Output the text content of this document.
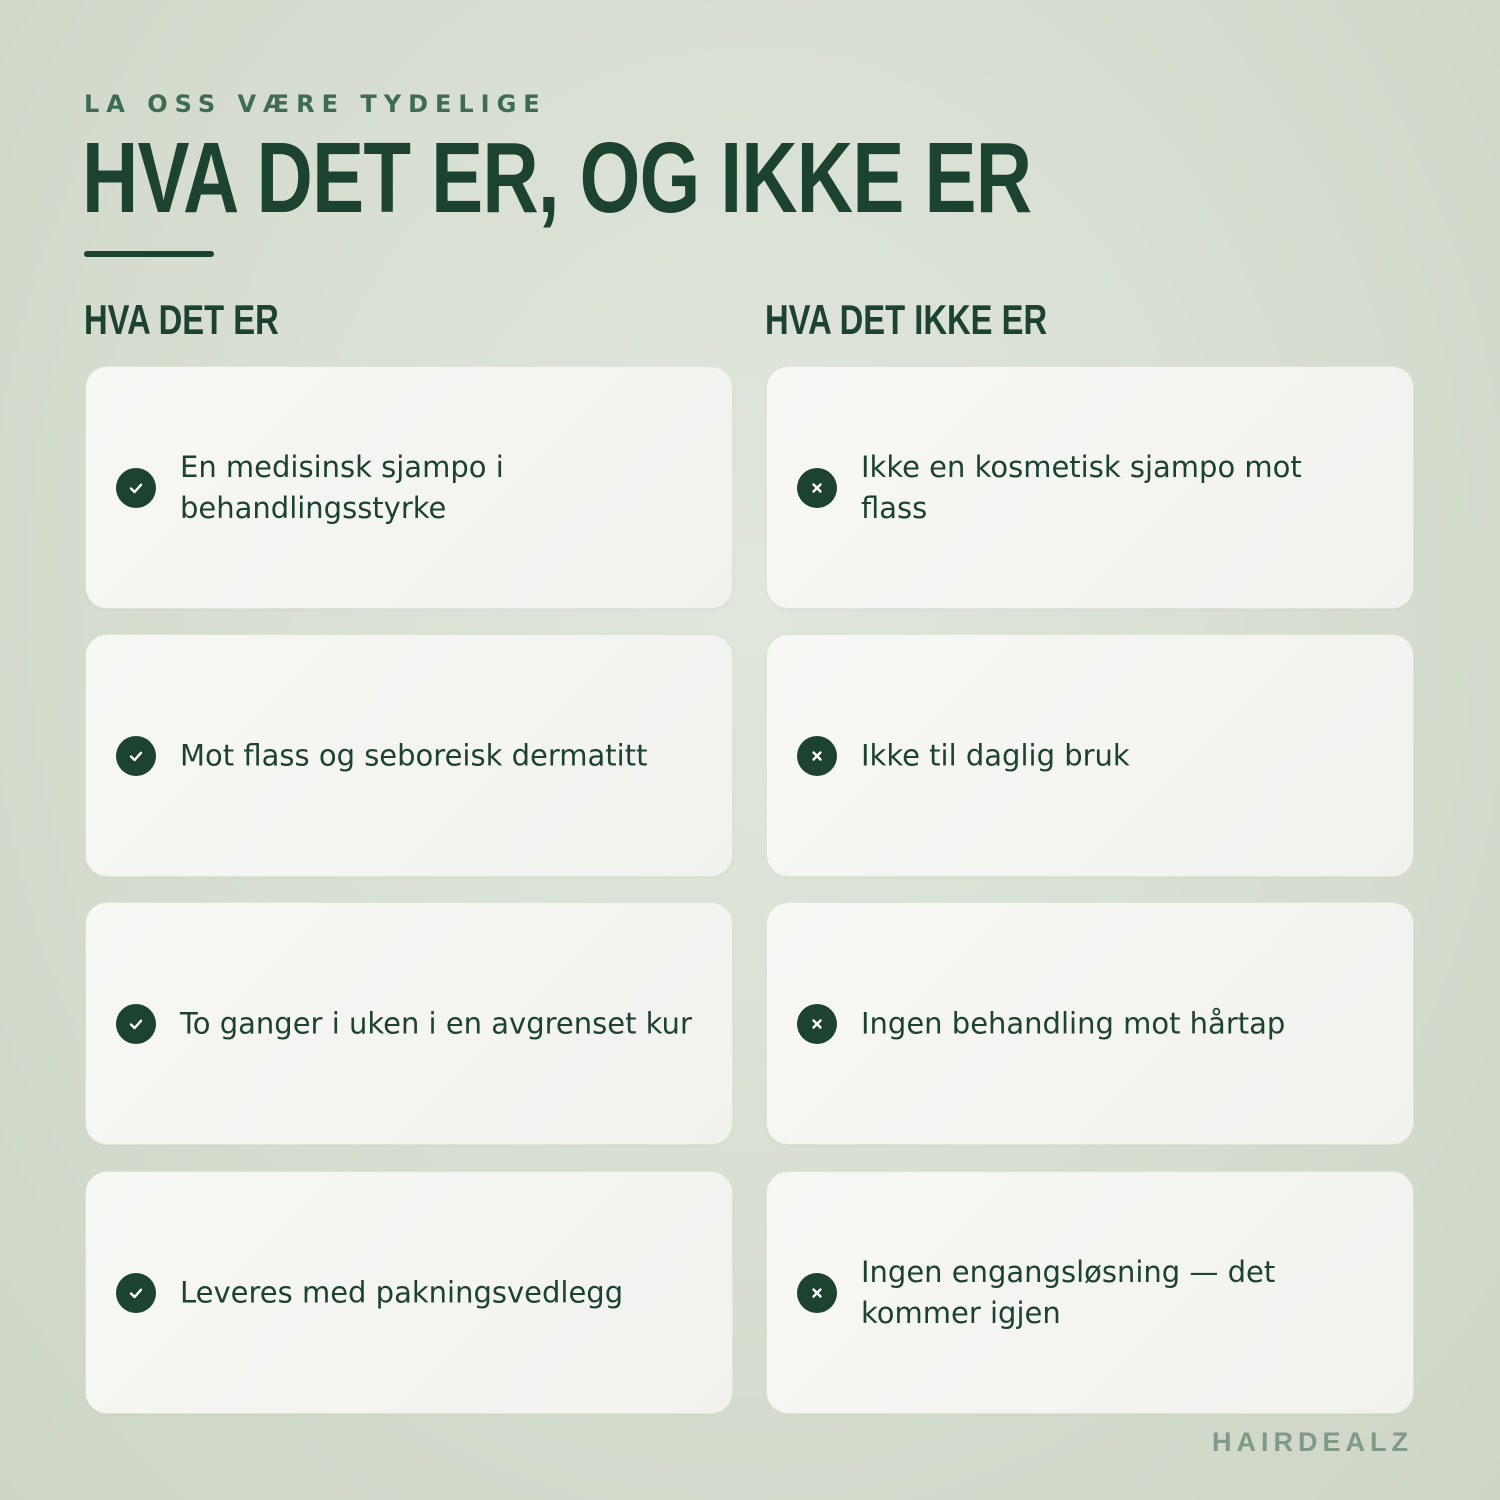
LA OSS VÆRE TYDELIGE
HVA DET ER, OG IKKE ER
HVA DET ER	HVA DET IKKE ER
En medisinsk sjampo i behandlingsstyrke
Mot flass og seboreisk dermatitt
To ganger i uken i en avgrenset kur
Leveres med pakningsvedlegg
Ikke en kosmetisk sjampo mot flass
Ikke til daglig bruk
Ingen behandling mot hårtap
Ingen engangsløsning — det kommer igjen
HAIRDEALZ
